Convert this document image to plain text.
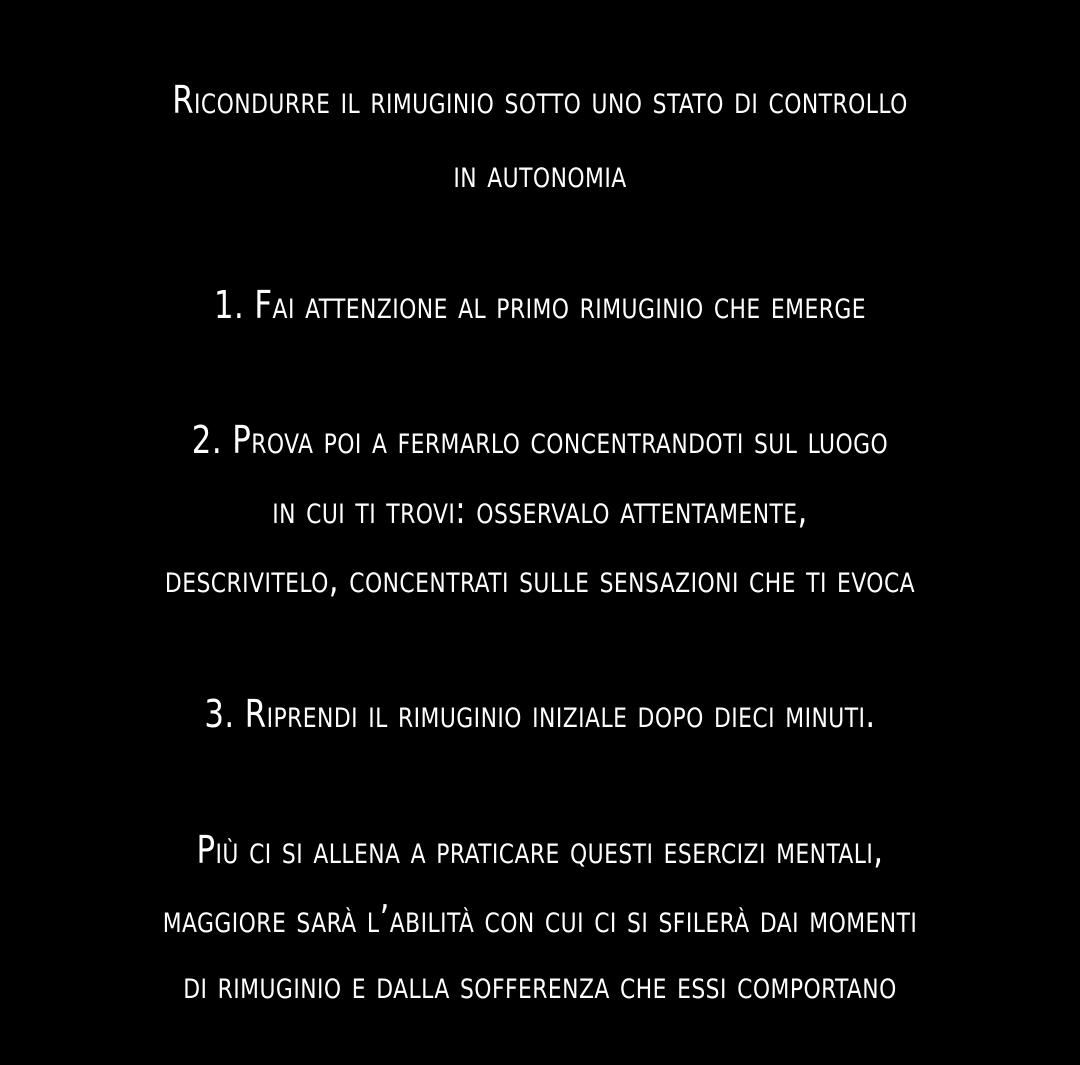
Ricondurre il rimuginio sotto uno stato di controllo
in autonomia
1. Fai attenzione al primo rimuginio che emerge
2. Prova poi a fermarlo concentrandoti sul luogo
in cui ti trovi: osservalo attentamente,
descrivitelo, concentrati sulle sensazioni che ti evoca
3. Riprendi il rimuginio iniziale dopo dieci minuti.
Più ci si allena a praticare questi esercizi mentali,
maggiore sarà l’abilità con cui ci si sfilerà dai momenti
di rimuginio e dalla sofferenza che essi comportano
